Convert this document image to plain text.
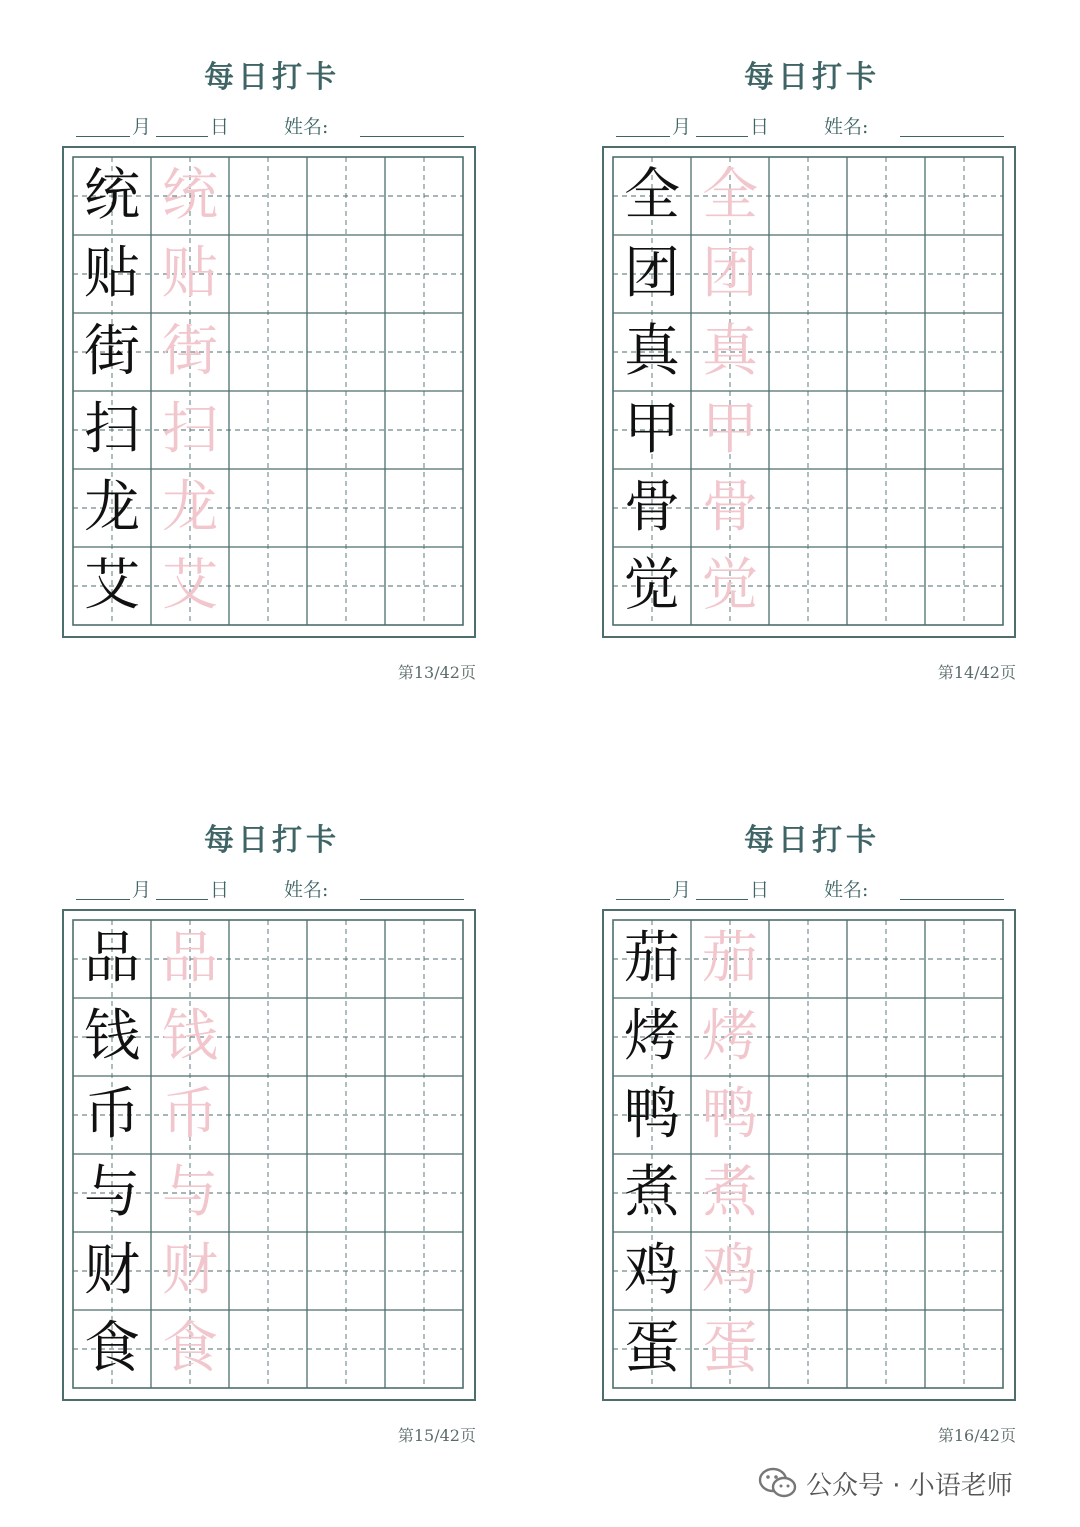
每日打卡
月	日	姓名:
统 统
贴 贴
街 街
扫 扫
龙 龙
艾 艾
第13/42页
每日打卡
月	日	姓名:
全 全
团 团
真 真
甲 甲
骨 骨
觉 觉
第14/42页
每日打卡
月	日	姓名:
品 品
钱 钱
币 币
与 与
财 财
食 食
第15/42页
每日打卡
月	日	姓名:
茄 茄
烤 烤
鸭 鸭
煮 煮
鸡 鸡
蛋 蛋
第16/42页
公众号 · 小语老师
